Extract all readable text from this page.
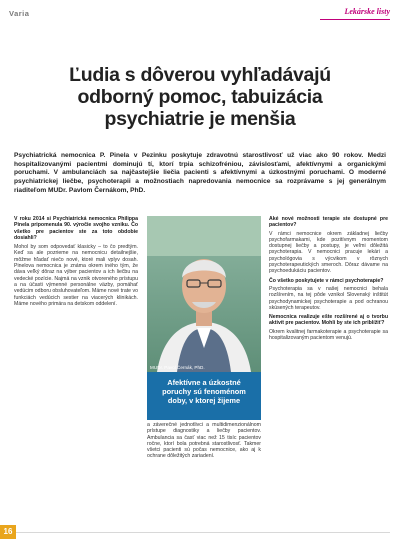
Varia	Lekárske listy
Ľudia s dôverou vyhľadávajú odborný pomoc, tabuizácia psychiatrie je menšia

Psychiatrická nemocnica P. Pinela v Pezinku poskytuje zdravotnú starostlivosť už viac ako 90 rokov. Medzi hospitalizovanými pacientmi dominujú tí, ktorí trpia schizofréniou, závislosťami, afektívnymi a organickými poruchami. V ambulanciách sa najčastejšie liečia pacienti s afektívnymi a úzkostnými poruchami. O moderné psychiatrickej liečbe, psychoterapii a možnostiach napredovania nemocnice sa rozprávame s jej generálnym riaditeľom MUDr. Pavlom Černákom, PhD.

V roku 2014 si Psychiatrická nemocnica Philippa Pinela pripomenula 90. výročie svojho vzniku. Čo všetko pre pacientov ste za toto obdobie dosiahli?

Mohol by som odpovedať klasicky – to čo predtým. Keď sa ale pozrieme na nemocnicu detailnejšie, môžme hľadať niečo nové, ktoré mali vplyv dosah. Pinelova nemocnica je známa okrem iného tým, že dáva veľký dôraz na výber pacientov a ich liečbu na vedecké pozície. Najmä na vznik otvoreného prístupu a na účasti výmenné personálne väzby, pomáhať vedúcim odboru obsluhovateľom. Máme nové trate vo funkciách vedúcich sestier na viacerých klinikách. Máme nového primára na detskom oddelení.

MUDr. Pavol Černák, PhD.
Afektívne a úzkostné
poruchy sú fenoménom
doby, v ktorej žijeme

a záverečné jednotlivci a multidimenzionálnom prístupe diagnostiky a liečby pacientov. Ambulancia sa časť viac než 15 tisíc pacientov ročne, ktorí bola potrebná starostlivosť. Takmer všetci pacienti sú počas nemocnice, ako aj k ochrane dôležitých zariadení.

Aké nové možnosti terapie ste dostupné pre pacientov?

V rámci nemocnice okrem základnej liečby psychofarmakami, kde pozitívnym momentom dostupnej liečby a postupy, je veľmi dôležitá psychoterapia. V nemocnici pracuje lekári a psychológovia s výcvikom v rôznych psychoterapeutických smeroch. Dôraz dávame na psychoedukáciu pacientov.

Čo všetko poskytujete v rámci psychoterapie?

Psychoterapia sa v našej nemocnici behala rozšírením, na tej pôde vznikol Slovenský inštitút psychodynamickej psychoterapie a pod ochranou skúsených terapeutov.

Nemocnica realizuje ešte rozšírené aj o tvorbu aktivít pre pacientov. Mohli by ste ich priblížiť?

Okrem kvalitnej farmakoterapie a psychoterapie sa hospitalizovaným pacientom venujú.

16
